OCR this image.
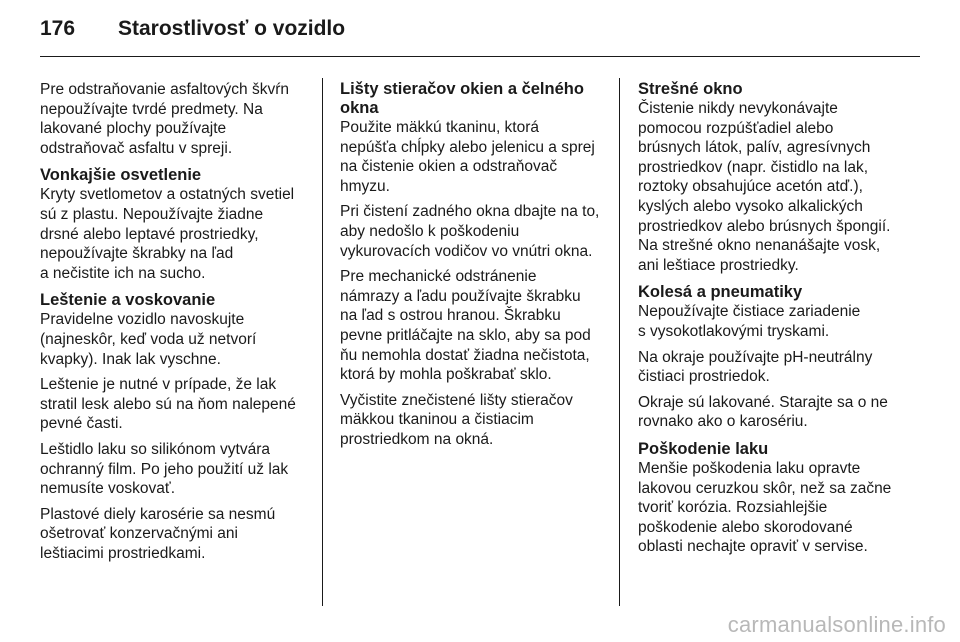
176	Starostlivosť o vozidlo

Pre odstraňovanie asfaltových škvŕn
nepoužívajte tvrdé predmety. Na
lakované plochy používajte
odstraňovač asfaltu v spreji.

Vonkajšie osvetlenie

Kryty svetlometov a ostatných svetiel
sú z plastu. Nepoužívajte žiadne
drsné alebo leptavé prostriedky,
nepoužívajte škrabky na ľad
a nečistite ich na sucho.

Leštenie a voskovanie

Pravidelne vozidlo navoskujte
(najneskôr, keď voda už netvorí
kvapky). Inak lak vyschne.

Leštenie je nutné v prípade, že lak
stratil lesk alebo sú na ňom nalepené
pevné časti.

Leštidlo laku so silikónom vytvára
ochranný film. Po jeho použití už lak
nemusíte voskovať.

Plastové diely karosérie sa nesmú
ošetrovať konzervačnými ani
leštiacimi prostriedkami.

Lišty stieračov okien a čelného
okna

Použite mäkkú tkaninu, ktorá
nepúšťa chĺpky alebo jelenicu a sprej
na čistenie okien a odstraňovač
hmyzu.

Pri čistení zadného okna dbajte na to,
aby nedošlo k poškodeniu
vykurovacích vodičov vo vnútri okna.

Pre mechanické odstránenie
námrazy a ľadu používajte škrabku
na ľad s ostrou hranou. Škrabku
pevne pritláčajte na sklo, aby sa pod
ňu nemohla dostať žiadna nečistota,
ktorá by mohla poškrabať sklo.

Vyčistite znečistené lišty stieračov
mäkkou tkaninou a čistiacim
prostriedkom na okná.

Strešné okno

Čistenie nikdy nevykonávajte
pomocou rozpúšťadiel alebo
brúsnych látok, palív, agresívnych
prostriedkov (napr. čistidlo na lak,
roztoky obsahujúce acetón atď.),
kyslých alebo vysoko alkalických
prostriedkov alebo brúsnych špongií.
Na strešné okno nenanášajte vosk,
ani leštiace prostriedky.

Kolesá a pneumatiky

Nepoužívajte čistiace zariadenie
s vysokotlakovými tryskami.

Na okraje používajte pH-neutrálny
čistiaci prostriedok.

Okraje sú lakované. Starajte sa o ne
rovnako ako o karosériu.

Poškodenie laku

Menšie poškodenia laku opravte
lakovou ceruzkou skôr, než sa začne
tvoriť korózia. Rozsiahlejšie
poškodenie alebo skorodované
oblasti nechajte opraviť v servise.

carmanualsonline.info
